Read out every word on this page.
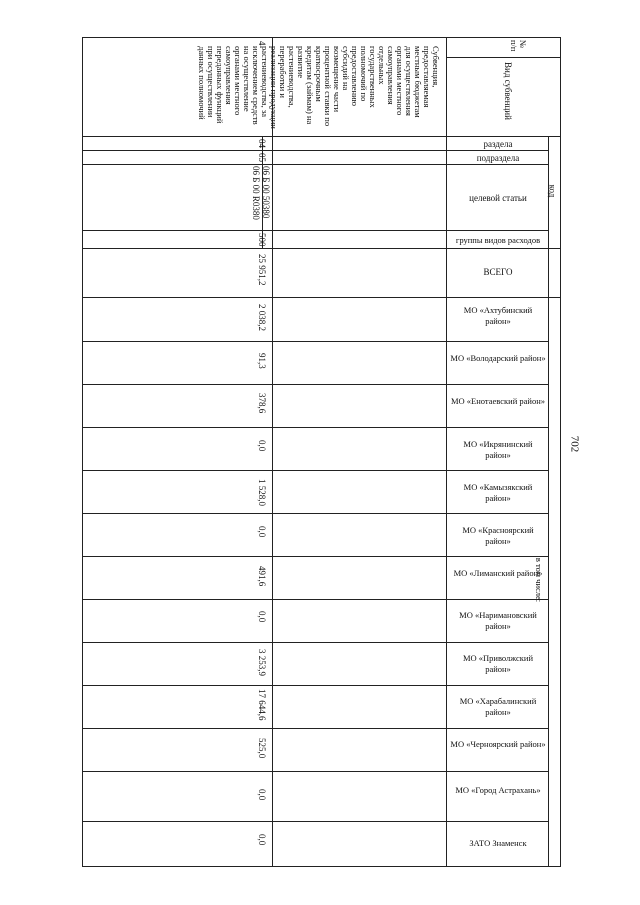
702
№
п/п
Вид субвенций
код
раздела
подраздела
целевой статьи
группы видов расходов
ВСЕГО
в том числе:
4
Субвенция, предоставляемая местным бюджетам для осуществления органами местного самоуправления отдельных государственных полномочий по предоставлению субсидий на возмещение части процентной ставки по краткосрочным кредитам (займам) на развитие растениеводства, переработки и реализации продукции растениеводства, за исключением средств на осуществление органами местного самоуправления переданных функций при осуществлении данных полномочий
04
05
06 Б 00 50380
06 Б 00 R0380
500
25 951,2
МО «Ахтубинский район»
2 038,2
МО «Володарский район»
91,3
МО «Енотаевский район»
378,6
МО «Икрянинский район»
0,0
МО «Камызякский район»
1 528,0
МО «Красноярский район»
0,0
МО «Лиманский район»
491,6
МО «Наримановский район»
0,0
МО «Приволжский район»
3 253,9
МО «Харабалинский район»
17 644,6
МО «Черноярский район»
525,0
МО «Город Астрахань»
0,0
ЗАТО Знаменск
0,0
